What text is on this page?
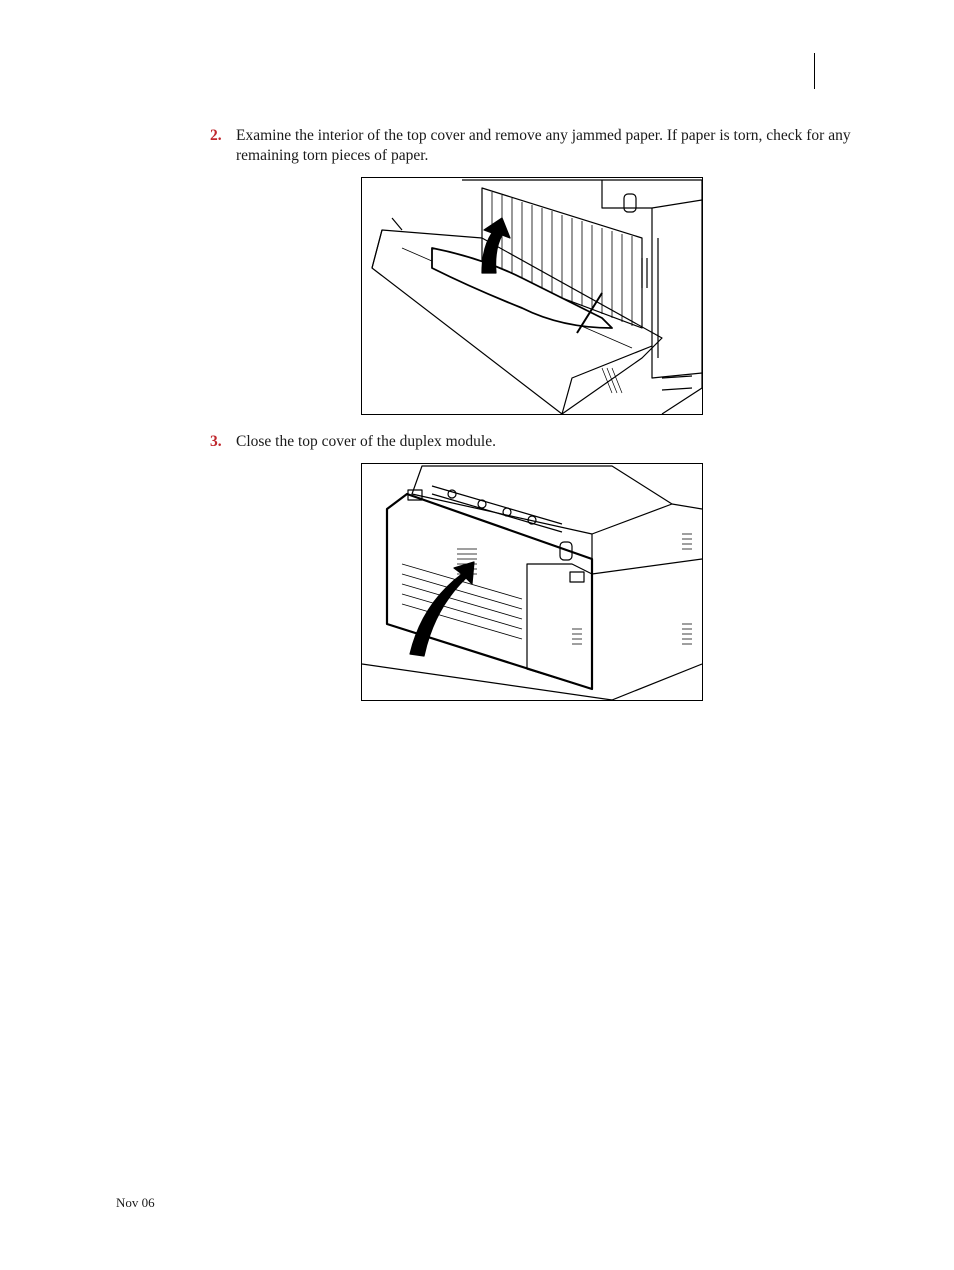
2. Examine the interior of the top cover and remove any jammed paper. If paper is torn, check for any remaining torn pieces of paper.
3. Close the top cover of the duplex module.
Nov 06
